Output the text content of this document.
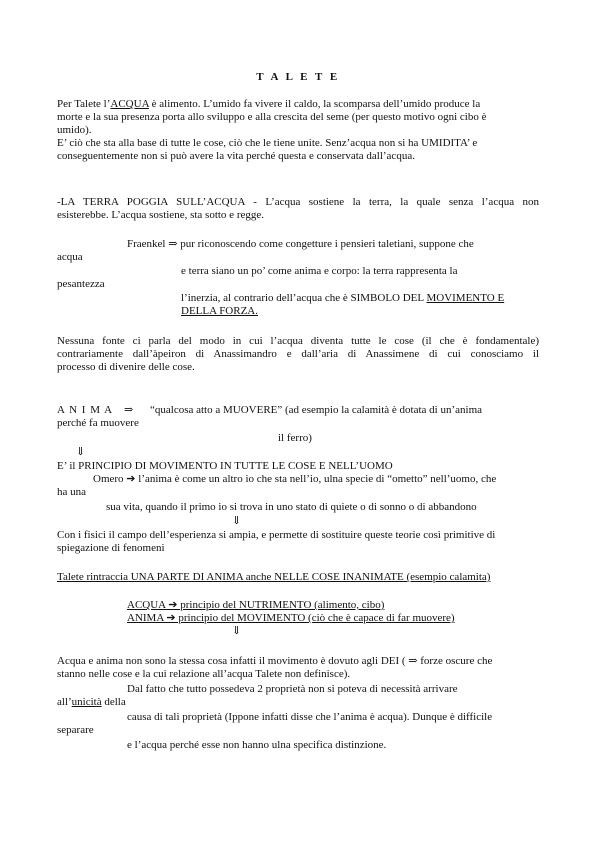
T A L E T E
Per Talete l’ACQUA è alimento. L’umido fa vivere il caldo, la scomparsa dell’umido produce la
morte e la sua presenza porta allo sviluppo e alla crescita del seme (per questo motivo ogni cibo è
umido).
E’ ciò che sta alla base di tutte le cose, ciò che le tiene unite. Senz’acqua non si ha UMIDITA’ e
conseguentemente non si può avere la vita perché questa e conservata dall’acqua.
-LA TERRA POGGIA SULL’ACQUA - L’acqua sostiene la terra, la quale senza l’acqua non
esisterebbe. L’acqua sostiene, sta sotto e regge.
Fraenkel ⇒ pur riconoscendo come congetture i pensieri taletiani, suppone che
acqua
e terra siano un po’ come anima e corpo: la terra rappresenta la
pesantezza
l’inerzia, al contrario dell’acqua che è SIMBOLO DEL MOVIMENTO E
DELLA FORZA.
Nessuna fonte ci parla del modo in cui l’acqua diventa tutte le cose (il che è fondamentale)
contrariamente dall’àpeiron di Anassimandro e dall’aria di Anassimene di cui conosciamo il
processo di divenire delle cose.
A N I M A ⇒ “qualcosa atto a MUOVERE” (ad esempio la calamità è dotata di un’anima
perché fa muovere
il ferro)
⇓
E’ il PRINCIPIO DI MOVIMENTO IN TUTTE LE COSE E NELL’UOMO
Omero ➔ l’anima è come un altro io che sta nell’io, ulna specie di “ometto” nell’uomo, che
ha una
sua vita, quando il primo io si trova in uno stato di quiete o di sonno o di abbandono
⇓
Con i fisici il campo dell’esperienza si ampia, e permette di sostituire queste teorie così primitive di
spiegazione di fenomeni
Talete rintraccia UNA PARTE DI ANIMA anche NELLE COSE INANIMATE (esempio calamita)
ACQUA ➔ principio del NUTRIMENTO (alimento, cibo)
ANIMA ➔ principio del MOVIMENTO (ciò che è capace di far muovere)
⇓
Acqua e anima non sono la stessa cosa infatti il movimento è dovuto agli DEI ( ⇒ forze oscure che
stanno nelle cose e la cui relazione all’acqua Talete non definisce).
Dal fatto che tutto possedeva 2 proprietà non si poteva di necessità arrivare
all’unicità della
causa di tali proprietà (Ippone infatti disse che l’anima è acqua). Dunque è difficile
separare
e l’acqua perché esse non hanno ulna specifica distinzione.
